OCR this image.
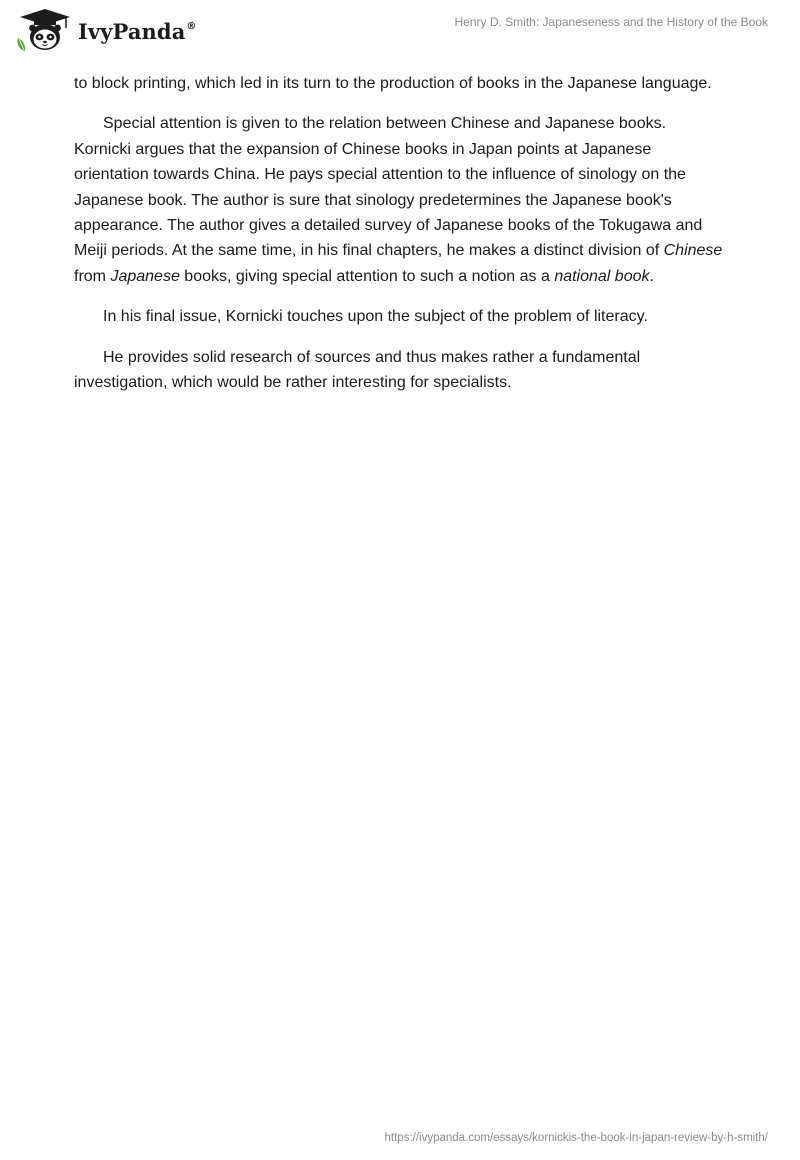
IvyPanda®	Henry D. Smith: Japaneseness and the History of the Book

to block printing, which led in its turn to the production of books in the Japanese language.

Special attention is given to the relation between Chinese and Japanese books. Kornicki argues that the expansion of Chinese books in Japan points at Japanese orientation towards China. He pays special attention to the influence of sinology on the Japanese book. The author is sure that sinology predetermines the Japanese book's appearance. The author gives a detailed survey of Japanese books of the Tokugawa and Meiji periods. At the same time, in his final chapters, he makes a distinct division of Chinese from Japanese books, giving special attention to such a notion as a national book.

In his final issue, Kornicki touches upon the subject of the problem of literacy.

He provides solid research of sources and thus makes rather a fundamental investigation, which would be rather interesting for specialists.

https://ivypanda.com/essays/kornickis-the-book-in-japan-review-by-h-smith/
